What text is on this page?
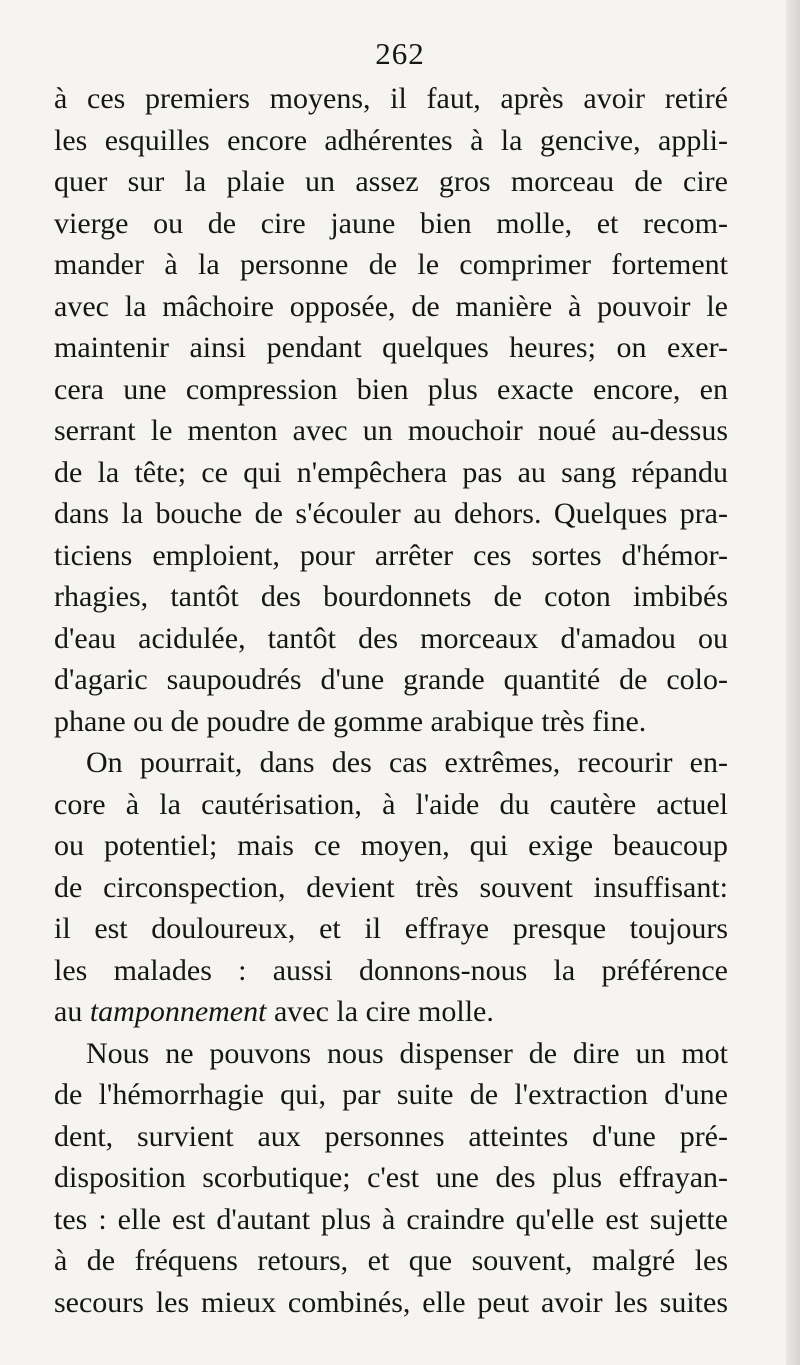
262
à ces premiers moyens, il faut, après avoir retiré
les esquilles encore adhérentes à la gencive, appli-
quer sur la plaie un assez gros morceau de cire
vierge ou de cire jaune bien molle, et recom-
mander à la personne de le comprimer fortement
avec la mâchoire opposée, de manière à pouvoir le
maintenir ainsi pendant quelques heures; on exer-
cera une compression bien plus exacte encore, en
serrant le menton avec un mouchoir noué au-dessus
de la tête; ce qui n'empêchera pas au sang répandu
dans la bouche de s'écouler au dehors. Quelques pra-
ticiens emploient, pour arrêter ces sortes d'hémor-
rhagies, tantôt des bourdonnets de coton imbibés
d'eau acidulée, tantôt des morceaux d'amadou ou
d'agaric saupoudrés d'une grande quantité de colo-
phane ou de poudre de gomme arabique très fine.
On pourrait, dans des cas extrêmes, recourir en-
core à la cautérisation, à l'aide du cautère actuel
ou potentiel; mais ce moyen, qui exige beaucoup
de circonspection, devient très souvent insuffisant:
il est douloureux, et il effraye presque toujours
les malades : aussi donnons-nous la préférence
au tamponnement avec la cire molle.
Nous ne pouvons nous dispenser de dire un mot
de l'hémorrhagie qui, par suite de l'extraction d'une
dent, survient aux personnes atteintes d'une pré-
disposition scorbutique; c'est une des plus effrayan-
tes : elle est d'autant plus à craindre qu'elle est sujette
à de fréquens retours, et que souvent, malgré les
secours les mieux combinés, elle peut avoir les suites
